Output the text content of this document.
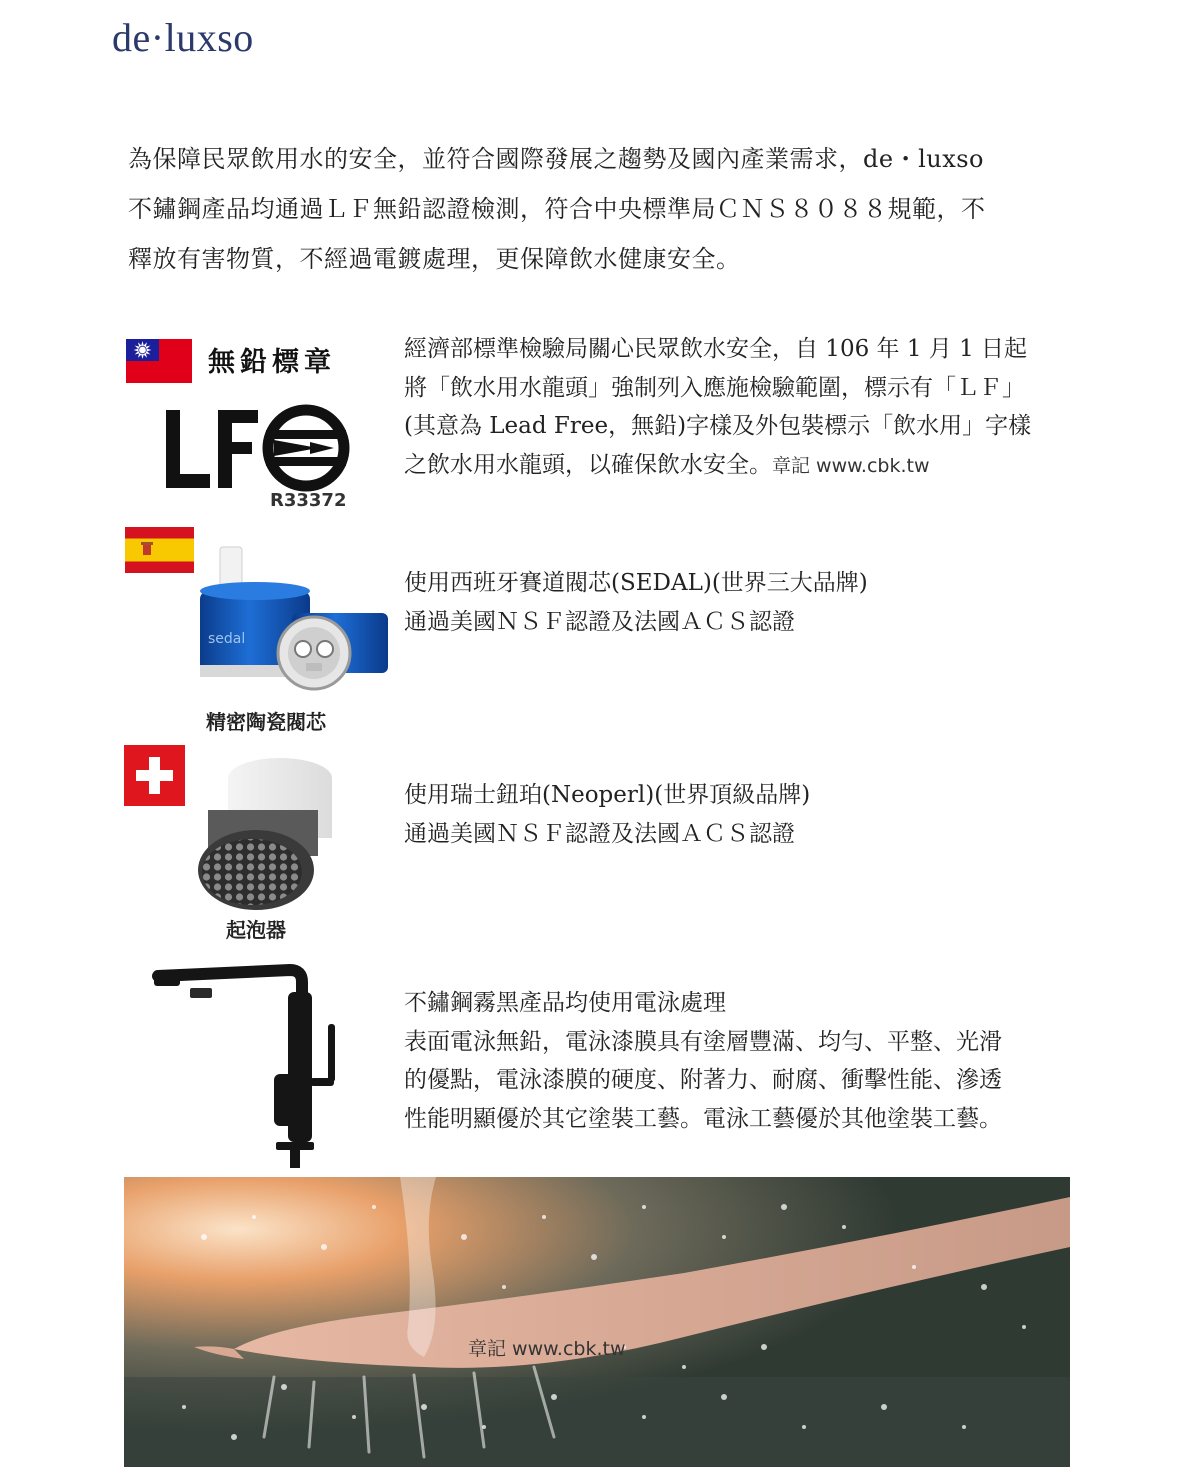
de·luxso
為保障民眾飲用水的安全，並符合國際發展之趨勢及國內產業需求，de・luxso
不鏽鋼產品均通過ＬＦ無鉛認證檢測，符合中央標準局ＣＮＳ８０８８規範，不
釋放有害物質，不經過電鍍處理，更保障飲水健康安全。
無鉛標章
R33372
經濟部標準檢驗局關心民眾飲水安全，自 106 年 1 月 1 日起
將「飲水用水龍頭」強制列入應施檢驗範圍，標示有「ＬＦ」
(其意為 Lead Free，無鉛)字樣及外包裝標示「飲水用」字樣
之飲水用水龍頭，以確保飲水安全。章記 www.cbk.tw
sedal
精密陶瓷閥芯
使用西班牙賽道閥芯(SEDAL)(世界三大品牌)
通過美國ＮＳＦ認證及法國ＡＣＳ認證
起泡器
使用瑞士鈕珀(Neoperl)(世界頂級品牌)
通過美國ＮＳＦ認證及法國ＡＣＳ認證
不鏽鋼霧黑產品均使用電泳處理
表面電泳無鉛，電泳漆膜具有塗層豐滿、均勻、平整、光滑
的優點，電泳漆膜的硬度、附著力、耐腐、衝擊性能、滲透
性能明顯優於其它塗裝工藝。電泳工藝優於其他塗裝工藝。
章記 www.cbk.tw
